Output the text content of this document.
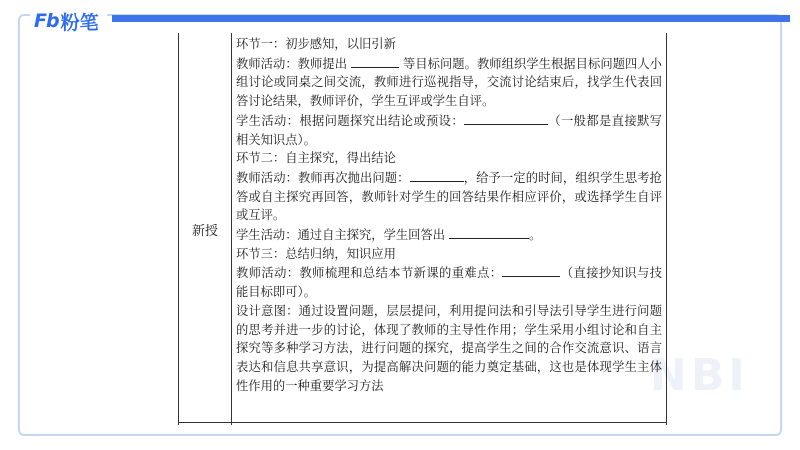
Fb 粉笔
NBI
新授

环节一：初步感知，以旧引新

教师活动：教师提出	等目标问题。教师组织学生根据目标问题四人小组讨论或同桌之间交流，教师进行巡视指导，交流讨论结束后，找学生代表回答讨论结果，教师评价，学生互评或学生自评。

学生活动：根据问题探究出结论或预设：	（一般都是直接默写相关知识点）。

环节二：自主探究，得出结论

教师活动：教师再次抛出问题：	，给予一定的时间，组织学生思考抢答或自主探究再回答，教师针对学生的回答结果作相应评价，或选择学生自评或互评。

学生活动：通过自主探究，学生回答出	。

环节三：总结归纳，知识应用

教师活动：教师梳理和总结本节新课的重难点：	（直接抄知识与技能目标即可）。

设计意图：通过设置问题，层层提问，利用提问法和引导法引导学生进行问题的思考并进一步的讨论，体现了教师的主导性作用；学生采用小组讨论和自主探究等多种学习方法，进行问题的探究，提高学生之间的合作交流意识、语言表达和信息共享意识，为提高解决问题的能力奠定基础，这也是体现学生主体性作用的一种重要学习方法
